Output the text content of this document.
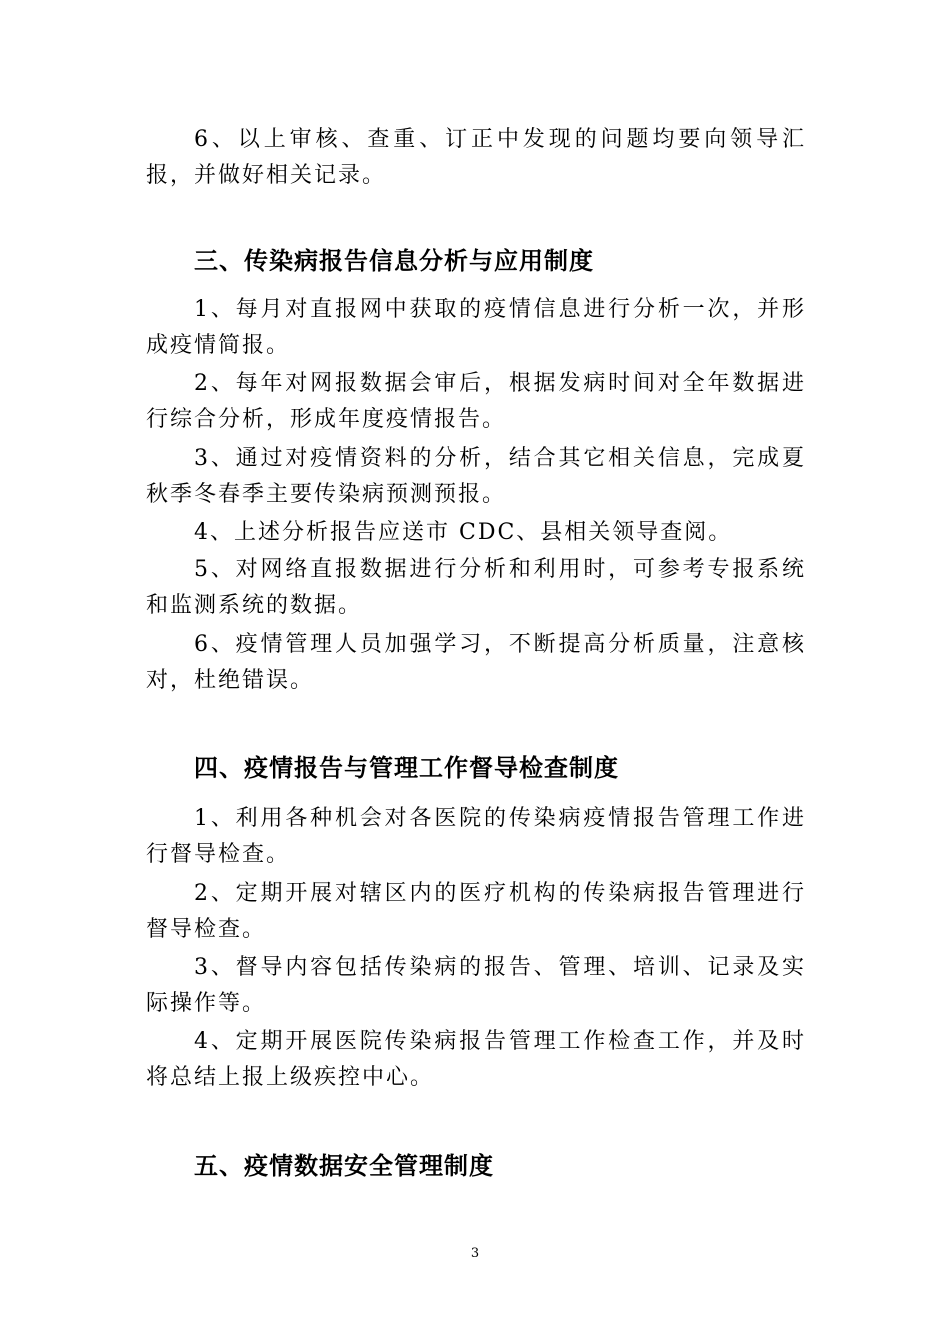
6、以上审核、查重、订正中发现的问题均要向领导汇报，并做好相关记录。

三、传染病报告信息分析与应用制度

1、每月对直报网中获取的疫情信息进行分析一次，并形成疫情简报。

2、每年对网报数据会审后，根据发病时间对全年数据进行综合分析，形成年度疫情报告。

3、通过对疫情资料的分析，结合其它相关信息，完成夏秋季冬春季主要传染病预测预报。

4、上述分析报告应送市 CDC、县相关领导查阅。

5、对网络直报数据进行分析和利用时，可参考专报系统和监测系统的数据。

6、疫情管理人员加强学习，不断提高分析质量，注意核对，杜绝错误。

四、疫情报告与管理工作督导检查制度

1、利用各种机会对各医院的传染病疫情报告管理工作进行督导检查。

2、定期开展对辖区内的医疗机构的传染病报告管理进行督导检查。

3、督导内容包括传染病的报告、管理、培训、记录及实际操作等。

4、定期开展医院传染病报告管理工作检查工作，并及时将总结上报上级疾控中心。

五、疫情数据安全管理制度
3
